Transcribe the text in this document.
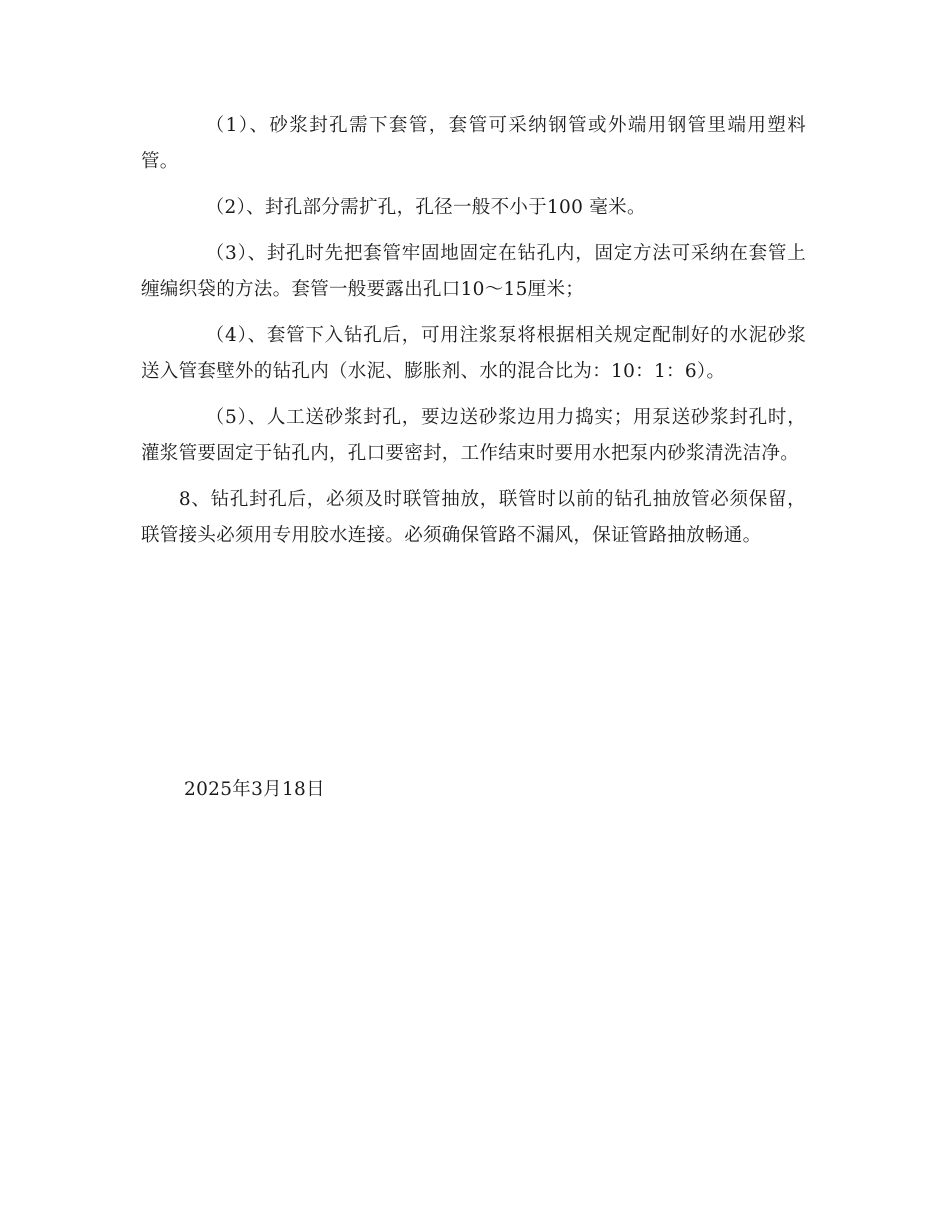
（1）、砂浆封孔需下套管，套管可采纳钢管或外端用钢管里端用塑料管。

（2）、封孔部分需扩孔，孔径一般不小于100 毫米。

（3）、封孔时先把套管牢固地固定在钻孔内，固定方法可采纳在套管上缠编织袋的方法。套管一般要露出孔口10～15厘米；

（4）、套管下入钻孔后，可用注浆泵将根据相关规定配制好的水泥砂浆送入管套壁外的钻孔内（水泥、膨胀剂、水的混合比为：10：1：6）。

（5）、人工送砂浆封孔，要边送砂浆边用力捣实；用泵送砂浆封孔时，灌浆管要固定于钻孔内，孔口要密封，工作结束时要用水把泵内砂浆清洗洁净。

8、钻孔封孔后，必须及时联管抽放，联管时以前的钻孔抽放管必须保留，联管接头必须用专用胶水连接。必须确保管路不漏风，保证管路抽放畅通。

2025年3月18日
